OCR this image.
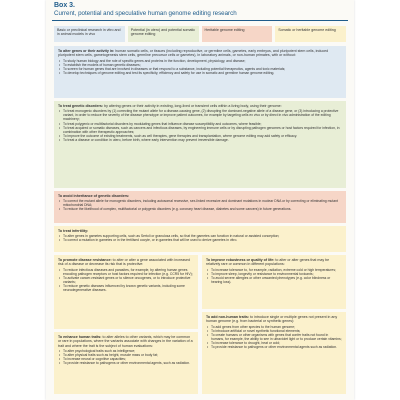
Box 3.
Current, potential and speculative human genome editing research
Basic or preclinical research in vitro and in animal models in vivo
Potential (in utero) and potential somatic genome editing
Heritable genome editing	Somatic or heritable genome editing
To alter genes or their activity in: human somatic cells, or tissues (including reproductive, or germline cells, gametes, early embryos, and pluripotent stem cells, induced pluripotent stem cells, gametogenesis stem cells, germline precursor cells or gametes), in laboratory animals, or non-human primates, with or without:
• To study human biology and the role of specific genes and proteins in the function, development, physiology, and disease;
• To establish the models of human genetic diseases;
• To screen for human genes that are involved in diseases or that respond to a substance, including potential therapeutics, agents and toxic materials;
• To develop techniques of genome editing and test its specificity, efficiency and safety for use in somatic and germline human genome editing.
To treat genetic disorders: by altering genes or their activity in existing, long-lived or transient cells within a living body, using their genome:
• To treat monogenic disorders by (1) correcting the mutant allele for a disease-causing gene, (2) disrupting the dominant-negative allele of a disease gene, or (3) introducing a protective variant, in order to reduce the severity of the disease phenotype or improve patient outcomes, for example by targeting cells ex vivo or by direct in vivo administration of the editing machinery;
• To treat polygenic or multifactorial disorders by modulating genes that influence disease susceptibility and outcomes, where feasible;
• To treat acquired or somatic diseases, such as cancers and infectious diseases, by engineering immune cells or by disrupting pathogen genomes or host factors required for infection, in combination with other therapeutic approaches;
• To improve the outcome of existing treatments, such as cell therapies, gene therapies and transplantation, where genome editing may add safety or efficacy.
• To treat a disease or condition in utero, before birth, where early intervention may prevent irreversible damage.
To avoid inheritance of genetic disorders:
• To correct the mutant allele for monogenic disorders, including autosomal recessive, sex-linked recessive and dominant mutations in nuclear DNA or by correcting or eliminating mutant mitochondrial DNA;
• To reduce the likelihood of complex, multifactorial or polygenic disorders (e.g. coronary heart disease, diabetes and some cancers) in future generations.
To treat infertility:
• To alter genes in gametes supporting cells, such as Sertoli or granulosa cells, so that the gametes can function in natural or assisted conception;
• To correct a mutation in gametes or in the fertilised oocyte, or in gametes that will be used to derive gametes in vitro.
To promote disease resistance: to alter or alter a gene associated with increased risk of a disease or decrease its risk that is protective:
• To reduce infectious diseases and parasites, for example, by altering human genes encoding pathogen receptors or host factors required for infection (e.g. CCR5 for HIV);
• To activate cancer-resistant genes or to silence oncogenes, or to introduce protective variants;
• To reduce genetic diseases influenced by known genetic variants, including some neurodegenerative diseases.
To improve robustness or quality of life: to alter or alter genes that may be relatively rare or common in different populations:
• To increase tolerance to, for example, radiation, extreme cold or high temperatures;
• To improve sleep, longevity or resistance to environmental toxicants;
• To avoid severe allergies or other unwanted phenotypes (e.g. color blindness or hearing loss).
To enhance human traits: to alter alleles to other variants, which may be common or rare in populations, where the variants associate with changes in the variation of a trait and where the trait is the subject of human evaluations:
• To alter psychological traits such as intelligence;
• To alter physical traits such as height, muscle mass or body fat;
• To increase neural or cognitive capacities;
• To provide resistance to pathogens or other environmental agents, such as radiation.
To add non-human traits: to introduce single or multiple genes not present in any human genome (e.g. from bacterial or synthetic genes):
• To add genes from other species to the human genome;
• To introduce artificial or novel synthetic functional elements;
• To create humans or other organisms with genes that confer traits not found in humans, for example, the ability to see in ultraviolet light or to produce certain vitamins;
• To increase tolerance to drought, heat or cold;
• To provide resistance to pathogens or other environmental agents such as radiation.
